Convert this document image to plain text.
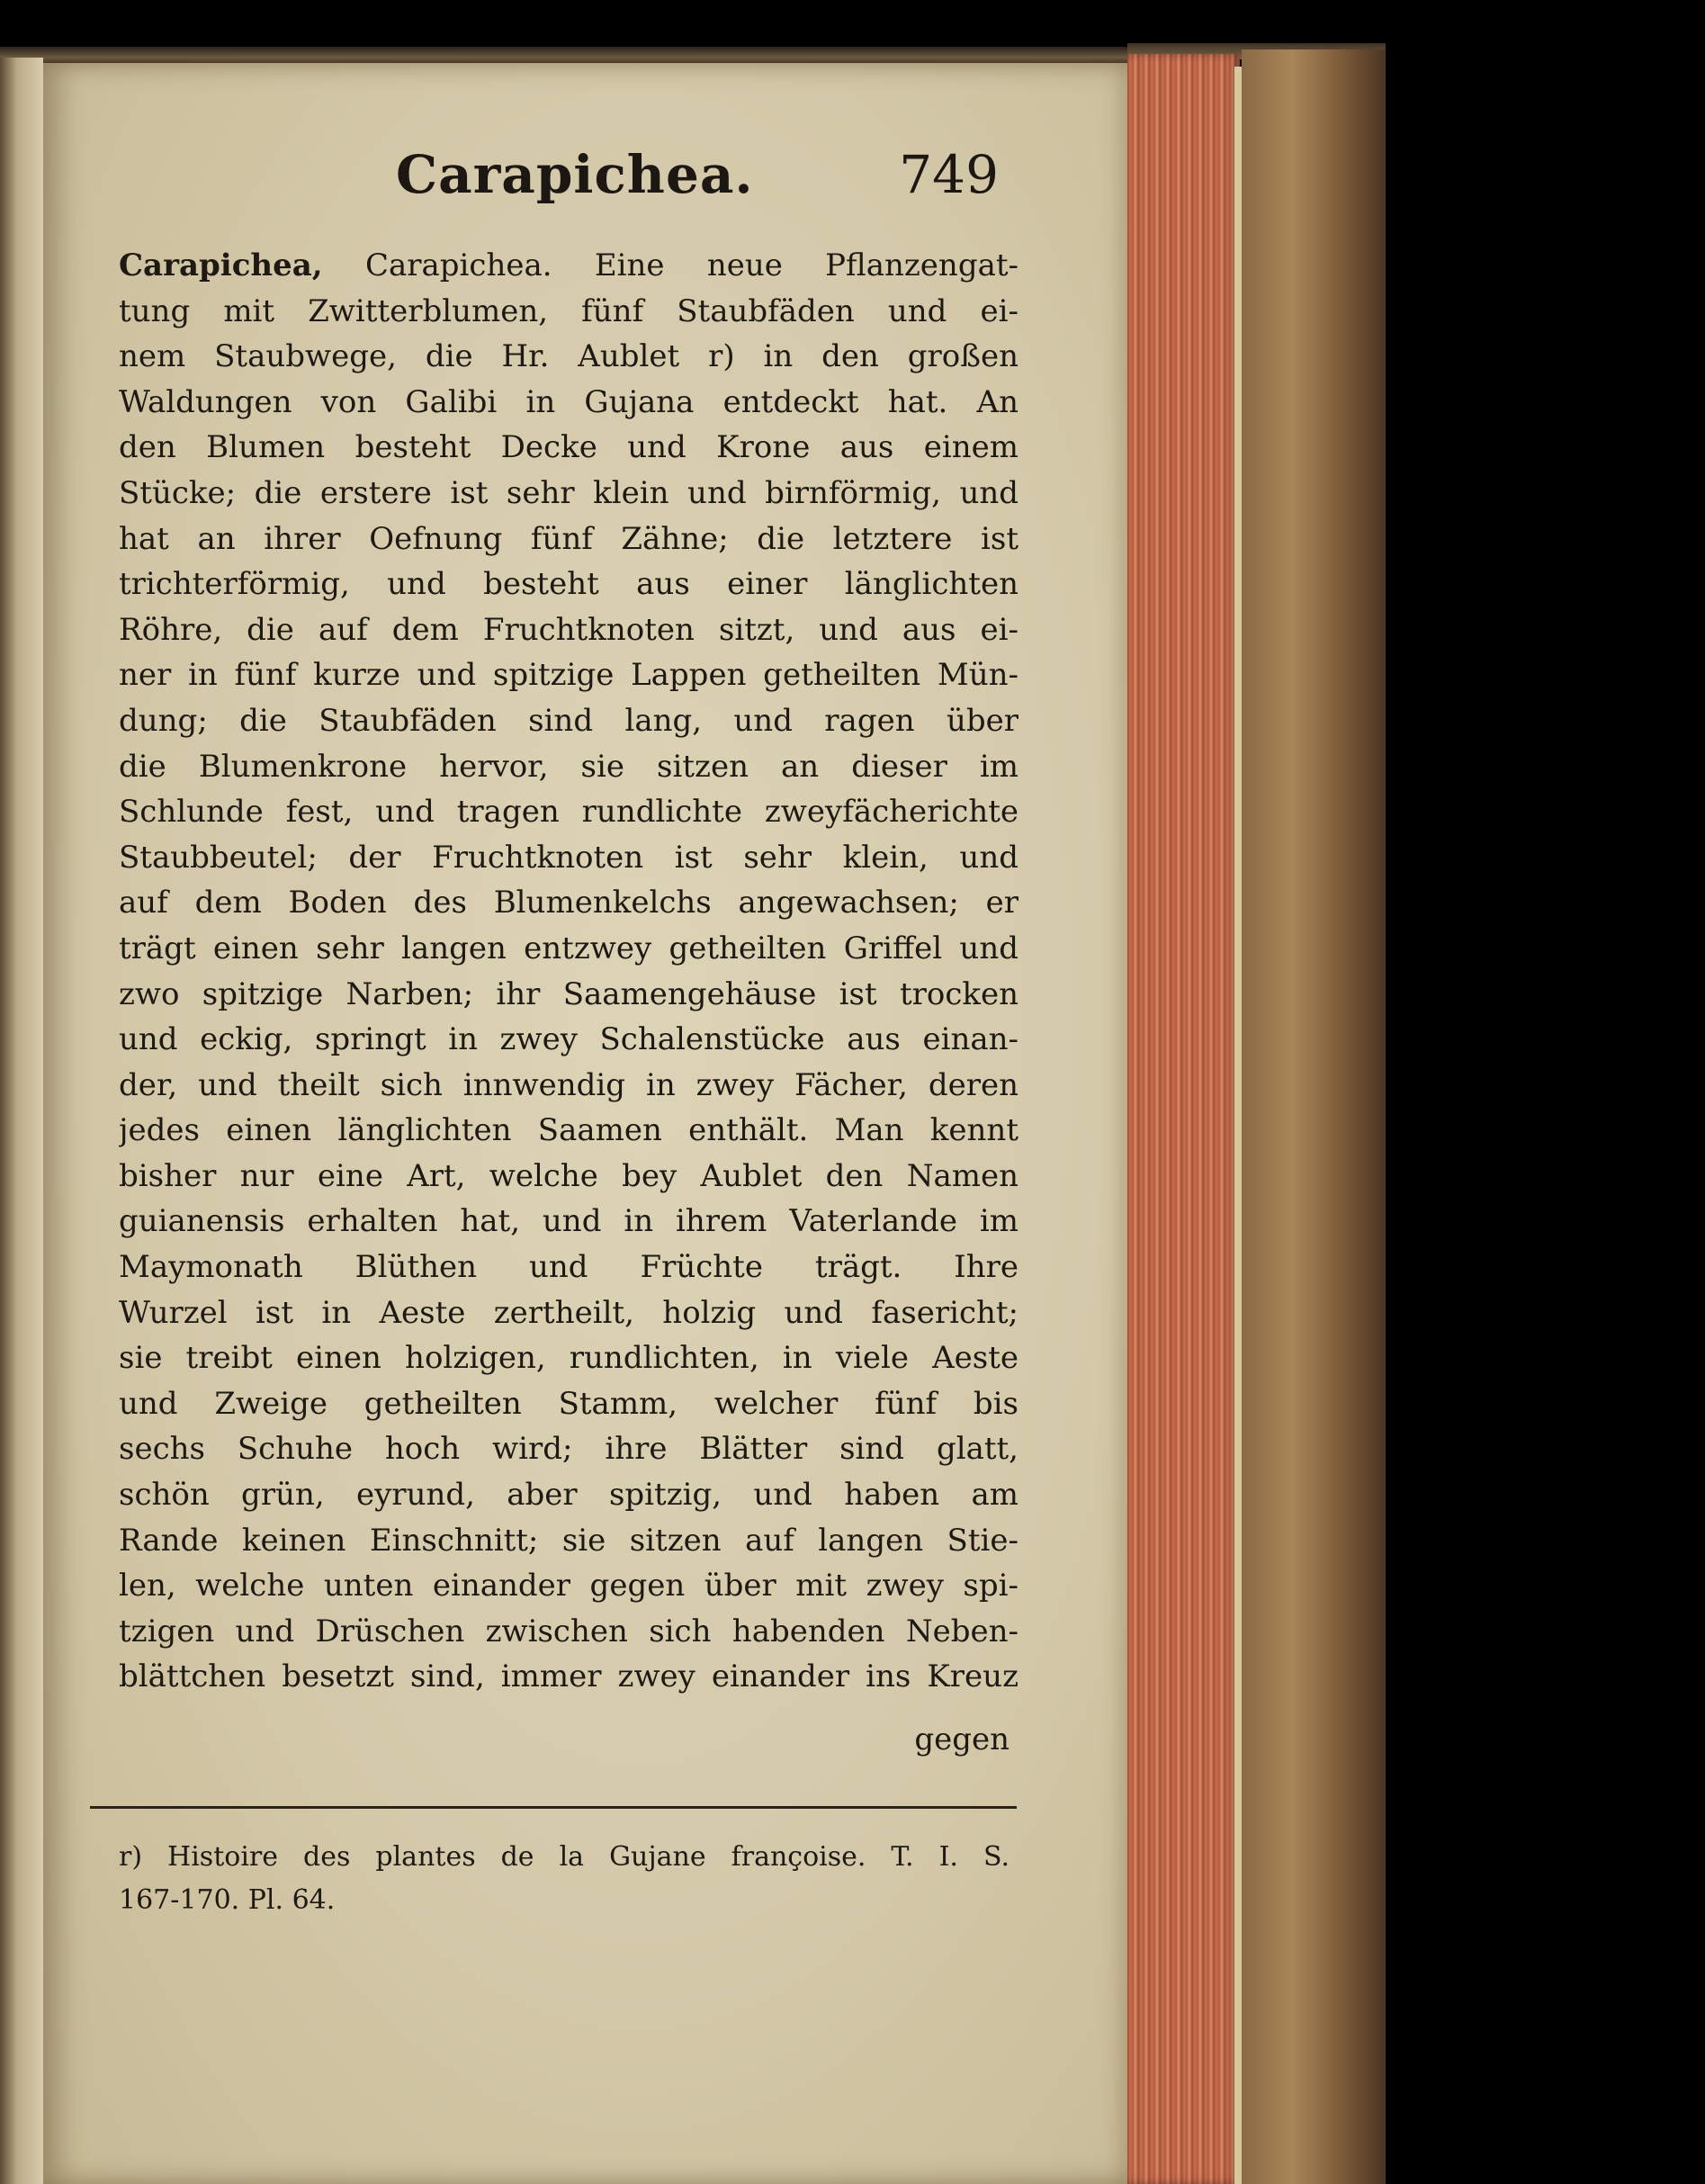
Carapichea.	749
Carapichea, Carapichea. Eine neue Pflanzengat-
tung mit Zwitterblumen, fünf Staubfäden und ei-
nem Staubwege, die Hr. Aublet r) in den großen
Waldungen von Galibi in Gujana entdeckt hat. An
den Blumen besteht Decke und Krone aus einem
Stücke; die erstere ist sehr klein und birnförmig, und
hat an ihrer Oefnung fünf Zähne; die letztere ist
trichterförmig, und besteht aus einer länglichten
Röhre, die auf dem Fruchtknoten sitzt, und aus ei-
ner in fünf kurze und spitzige Lappen getheilten Mün-
dung; die Staubfäden sind lang, und ragen über
die Blumenkrone hervor, sie sitzen an dieser im
Schlunde fest, und tragen rundlichte zweyfächerichte
Staubbeutel; der Fruchtknoten ist sehr klein, und
auf dem Boden des Blumenkelchs angewachsen; er
trägt einen sehr langen entzwey getheilten Griffel und
zwo spitzige Narben; ihr Saamengehäuse ist trocken
und eckig, springt in zwey Schalenstücke aus einan-
der, und theilt sich innwendig in zwey Fächer, deren
jedes einen länglichten Saamen enthält. Man kennt
bisher nur eine Art, welche bey Aublet den Namen
guianensis erhalten hat, und in ihrem Vaterlande im
Maymonath Blüthen und Früchte trägt. Ihre
Wurzel ist in Aeste zertheilt, holzig und fasericht;
sie treibt einen holzigen, rundlichten, in viele Aeste
und Zweige getheilten Stamm, welcher fünf bis
sechs Schuhe hoch wird; ihre Blätter sind glatt,
schön grün, eyrund, aber spitzig, und haben am
Rande keinen Einschnitt; sie sitzen auf langen Stie-
len, welche unten einander gegen über mit zwey spi-
tzigen und Drüschen zwischen sich habenden Neben-
blättchen besetzt sind, immer zwey einander ins Kreuz
gegen
r) Histoire des plantes de la Gujane françoise. T. I. S.
167-170. Pl. 64.
